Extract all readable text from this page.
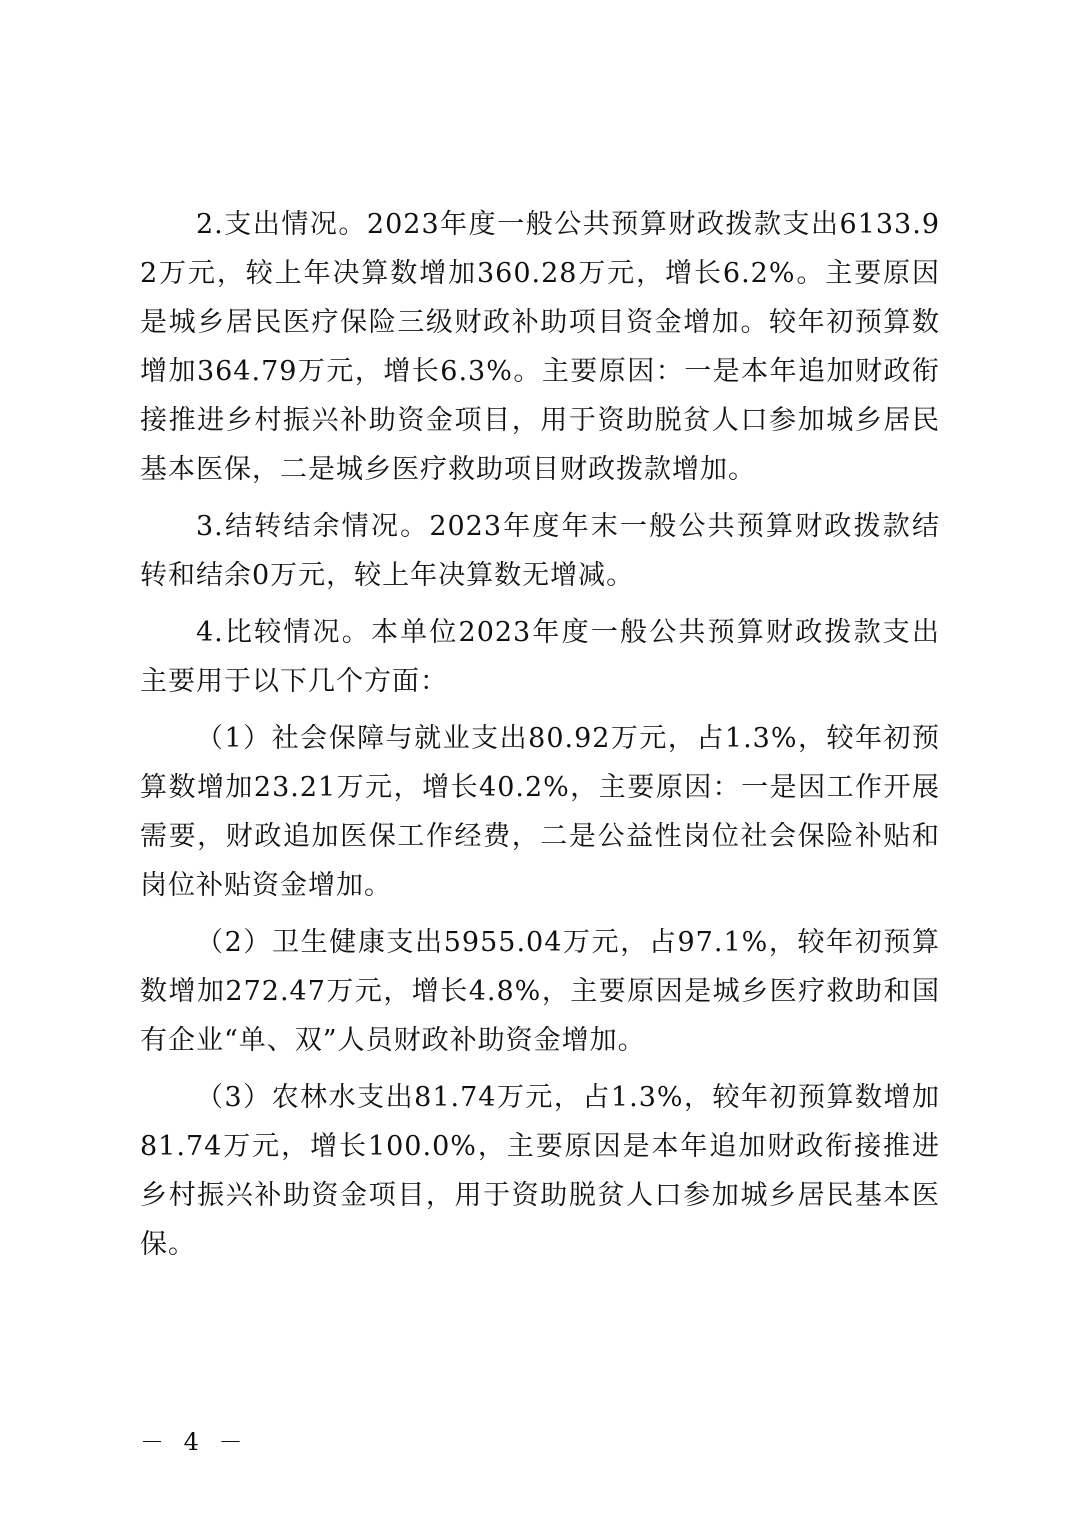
2.支出情况。2023年度一般公共预算财政拨款支出6133.92万元，较上年决算数增加360.28万元，增长6.2%。主要原因是城乡居民医疗保险三级财政补助项目资金增加。较年初预算数增加364.79万元，增长6.3%。主要原因：一是本年追加财政衔接推进乡村振兴补助资金项目，用于资助脱贫人口参加城乡居民基本医保，二是城乡医疗救助项目财政拨款增加。

3.结转结余情况。2023年度年末一般公共预算财政拨款结转和结余0万元，较上年决算数无增减。

4.比较情况。本单位2023年度一般公共预算财政拨款支出主要用于以下几个方面：

（1）社会保障与就业支出80.92万元，占1.3%，较年初预算数增加23.21万元，增长40.2%，主要原因：一是因工作开展需要，财政追加医保工作经费，二是公益性岗位社会保险补贴和岗位补贴资金增加。

（2）卫生健康支出5955.04万元，占97.1%，较年初预算数增加272.47万元，增长4.8%，主要原因是城乡医疗救助和国有企业“单、双”人员财政补助资金增加。

（3）农林水支出81.74万元，占1.3%，较年初预算数增加81.74万元，增长100.0%，主要原因是本年追加财政衔接推进乡村振兴补助资金项目，用于资助脱贫人口参加城乡居民基本医保。

－ 4 －
